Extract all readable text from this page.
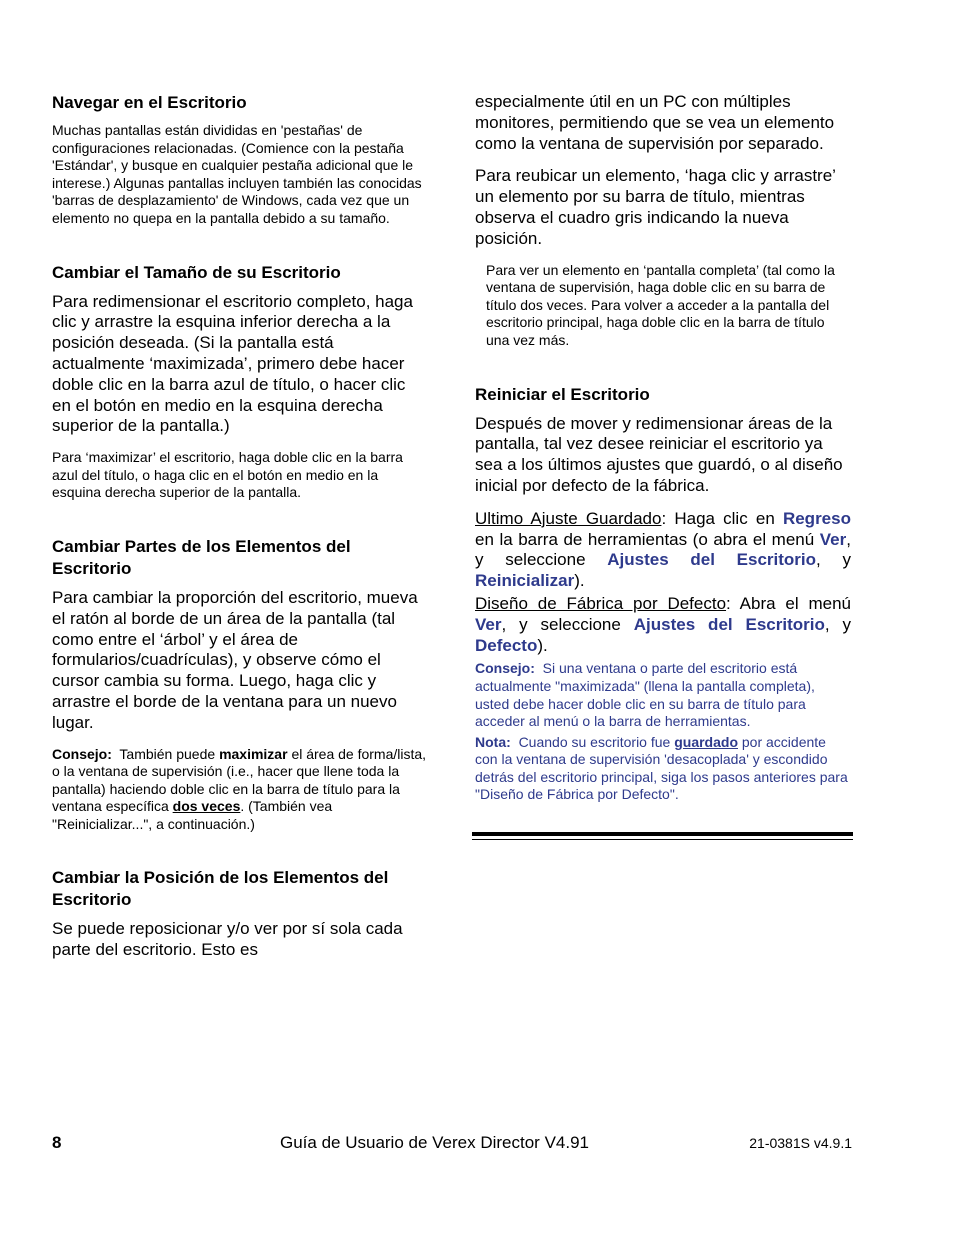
Navegar en el Escritorio

Muchas pantallas están divididas en 'pestañas' de configuraciones relacionadas. (Comience con la pestaña 'Estándar', y busque en cualquier pestaña adicional que le interese.) Algunas pantallas incluyen también las conocidas 'barras de desplazamiento' de Windows, cada vez que un elemento no quepa en la pantalla debido a su tamaño.

Cambiar el Tamaño de su Escritorio

Para redimensionar el escritorio completo, haga clic y arrastre la esquina inferior derecha a la posición deseada. (Si la pantalla está actualmente ‘maximizada’, primero debe hacer doble clic en la barra azul de título, o hacer clic en el botón en medio en la esquina derecha superior de la pantalla.)

Para ‘maximizar’ el escritorio, haga doble clic en la barra azul del título, o haga clic en el botón en medio en la esquina derecha superior de la pantalla.

Cambiar Partes de los Elementos del Escritorio

Para cambiar la proporción del escritorio, mueva el ratón al borde de un área de la pantalla (tal como entre el ‘árbol’ y el área de formularios/cuadrículas), y observe cómo el cursor cambia su forma. Luego, haga clic y arrastre el borde de la ventana para un nuevo lugar.

Consejo: También puede maximizar el área de forma/lista, o la ventana de supervisión (i.e., hacer que llene toda la pantalla) haciendo doble clic en la barra de título para la ventana específica dos veces. (También vea "Reinicializar...", a continuación.)

Cambiar la Posición de los Elementos del Escritorio

Se puede reposicionar y/o ver por sí sola cada parte del escritorio. Esto es

especialmente útil en un PC con múltiples monitores, permitiendo que se vea un elemento como la ventana de supervisión por separado.

Para reubicar un elemento, ‘haga clic y arrastre’ un elemento por su barra de título, mientras observa el cuadro gris indicando la nueva posición.

Para ver un elemento en ‘pantalla completa’ (tal como la ventana de supervisión, haga doble clic en su barra de título dos veces. Para volver a acceder a la pantalla del escritorio principal, haga doble clic en la barra de título una vez más.

Reiniciar el Escritorio

Después de mover y redimensionar áreas de la pantalla, tal vez desee reiniciar el escritorio ya sea a los últimos ajustes que guardó, o al diseño inicial por defecto de la fábrica.

Ultimo Ajuste Guardado: Haga clic en Regreso en la barra de herramientas (o abra el menú Ver, y seleccione Ajustes del Escritorio, y Reinicializar).

Diseño de Fábrica por Defecto: Abra el menú Ver, y seleccione Ajustes del Escritorio, y Defecto).

Consejo: Si una ventana o parte del escritorio está actualmente "maximizada" (llena la pantalla completa), usted debe hacer doble clic en su barra de título para acceder al menú o la barra de herramientas.

Nota: Cuando su escritorio fue guardado por accidente con la ventana de supervisión 'desacoplada' y escondido detrás del escritorio principal, siga los pasos anteriores para "Diseño de Fábrica por Defecto".

8	Guía de Usuario de Verex Director V4.91	21-0381S v4.9.1
